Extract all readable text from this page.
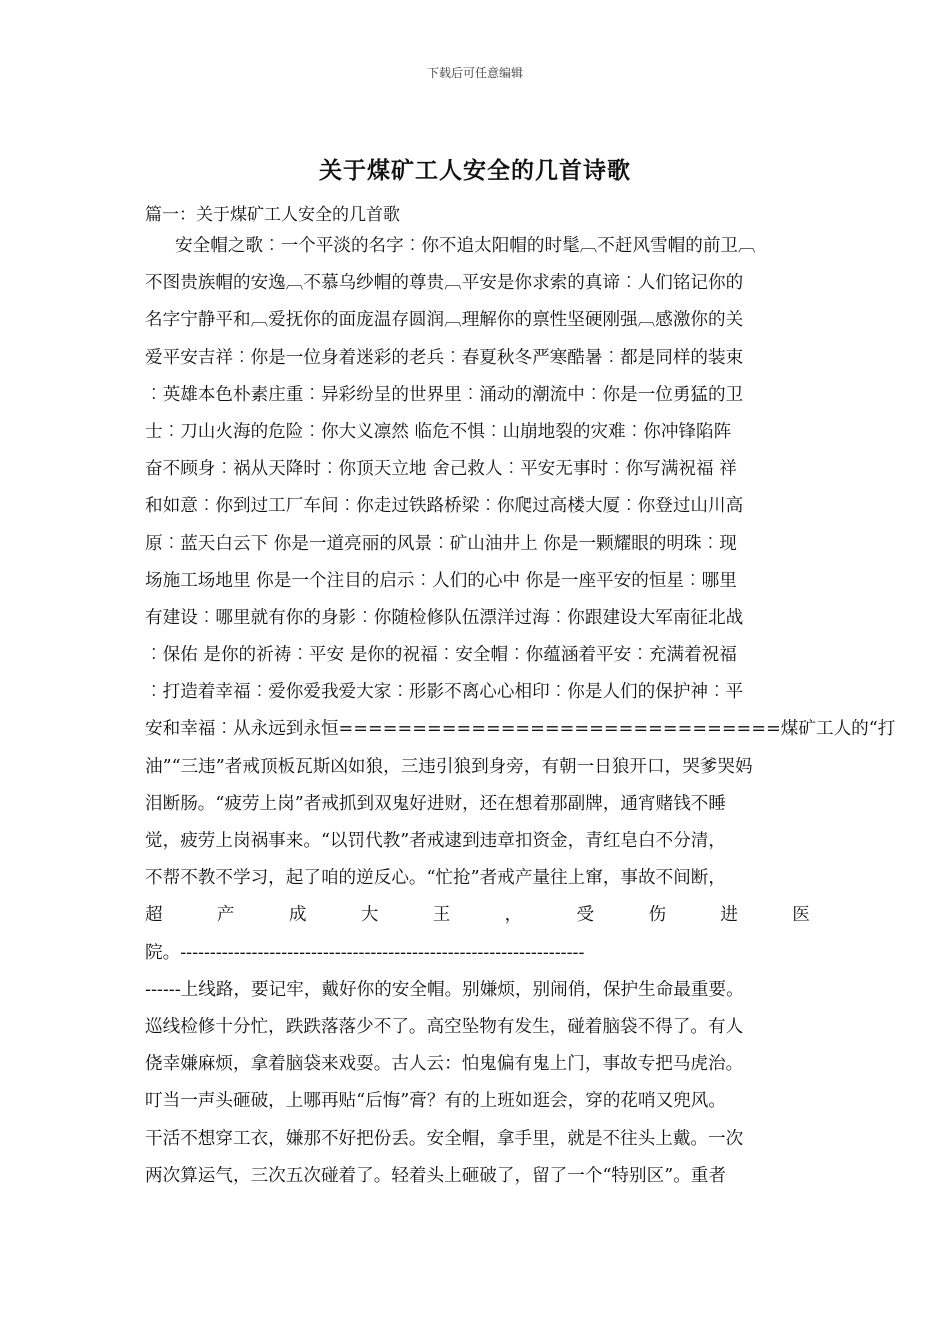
下载后可任意编辑
关于煤矿工人安全的几首诗歌
篇一：关于煤矿工人安全的几首歌
安全帽之歌︰一个平淡的名字︰你不追太阳帽的时髦︹不赶风雪帽的前卫︹
不图贵族帽的安逸︹不慕乌纱帽的尊贵︹平安是你求索的真谛︰人们铭记你的
名字宁静平和︹爱抚你的面庞温存圆润︹理解你的禀性坚硬刚强︹感激你的关
爱平安吉祥︰你是一位身着迷彩的老兵︰春夏秋冬严寒酷暑︰都是同样的装束
︰英雄本色朴素庄重︰异彩纷呈的世界里︰涌动的潮流中︰你是一位勇猛的卫
士︰刀山火海的危险︰你大义凛然 临危不惧︰山崩地裂的灾难︰你冲锋陷阵
奋不顾身︰祸从天降时︰你顶天立地 舍己救人︰平安无事时︰你写满祝福 祥
和如意︰你到过工厂车间︰你走过铁路桥梁︰你爬过高楼大厦︰你登过山川高
原︰蓝天白云下 你是一道亮丽的风景︰矿山油井上 你是一颗耀眼的明珠︰现
场施工场地里 你是一个注目的启示︰人们的心中 你是一座平安的恒星︰哪里
有建设︰哪里就有你的身影︰你随检修队伍漂洋过海︰你跟建设大军南征北战
︰保佑 是你的祈祷︰平安 是你的祝福︰安全帽︰你蕴涵着平安︰充满着祝福
︰打造着幸福︰爱你爱我爱大家︰形影不离心心相印︰你是人们的保护神︰平
安和幸福︰从永远到永恒==============================煤矿工人的“打
油”“三违”者戒顶板瓦斯凶如狼，三违引狼到身旁，有朝一日狼开口，哭爹哭妈
泪断肠。“疲劳上岗”者戒抓到双鬼好进财，还在想着那副牌，通宵赌钱不睡
觉，疲劳上岗祸事来。“以罚代教”者戒逮到违章扣资金，青红皂白不分清，
不帮不教不学习，起了咱的逆反心。“忙抢”者戒产量往上窜，事故不间断，
超	产	成	大	王	，	受	伤	进	医
院。--------------------------------------------------------------------
------上线路，要记牢，戴好你的安全帽。别嫌烦，别闹俏，保护生命最重要。
巡线检修十分忙，跌跌落落少不了。高空坠物有发生，碰着脑袋不得了。有人
侥幸嫌麻烦，拿着脑袋来戏耍。古人云：怕鬼偏有鬼上门，事故专把马虎治。
叮当一声头砸破，上哪再贴“后悔”膏？有的上班如逛会，穿的花哨又兜风。
干活不想穿工衣，嫌那不好把份丢。安全帽，拿手里，就是不往头上戴。一次
两次算运气，三次五次碰着了。轻着头上砸破了，留了一个“特别区”。重者
